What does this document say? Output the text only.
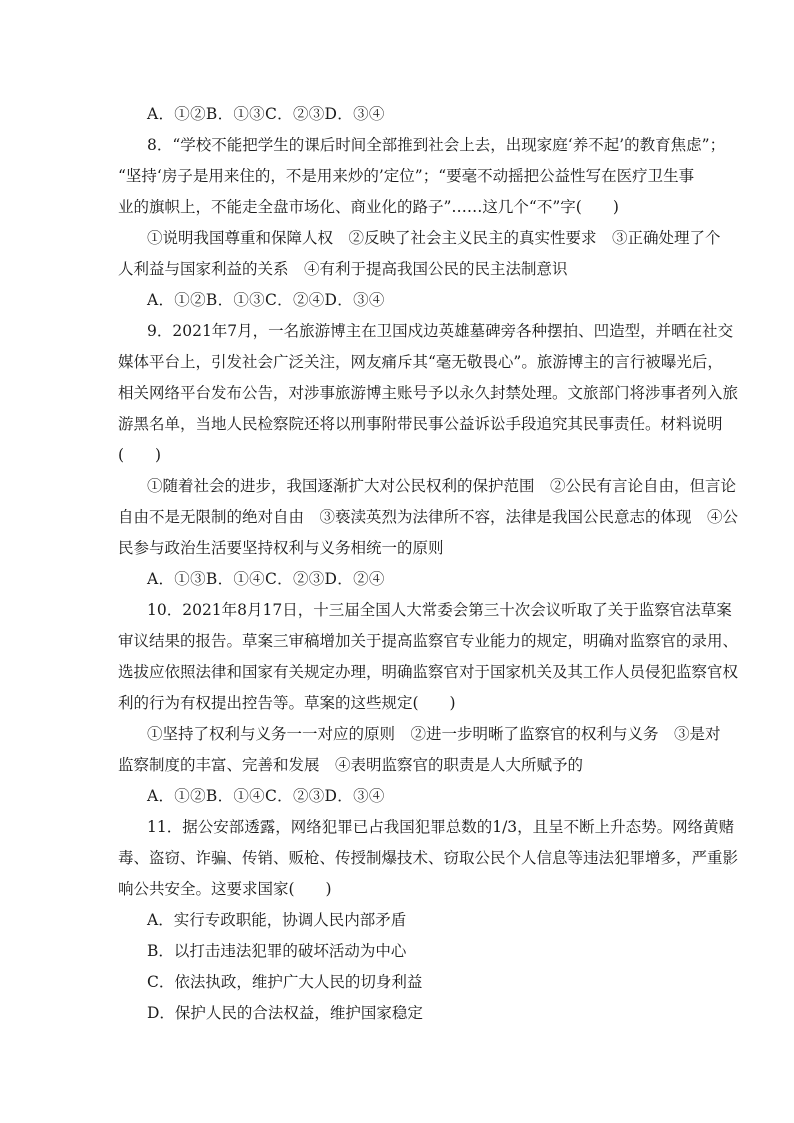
A．①②B．①③C．②③D．③④
8．“学校不能把学生的课后时间全部推到社会上去，出现家庭‘养不起’的教育焦虑”；
“坚持‘房子是用来住的，不是用来炒的’定位”；“要毫不动摇把公益性写在医疗卫生事
业的旗帜上，不能走全盘市场化、商业化的路子”……这几个“不”字(　　)
①说明我国尊重和保障人权　②反映了社会主义民主的真实性要求　③正确处理了个
人利益与国家利益的关系　④有利于提高我国公民的民主法制意识
A．①②B．①③C．②④D．③④
9．2021年7月，一名旅游博主在卫国戍边英雄墓碑旁各种摆拍、凹造型，并晒在社交
媒体平台上，引发社会广泛关注，网友痛斥其“毫无敬畏心”。旅游博主的言行被曝光后，
相关网络平台发布公告，对涉事旅游博主账号予以永久封禁处理。文旅部门将涉事者列入旅
游黑名单，当地人民检察院还将以刑事附带民事公益诉讼手段追究其民事责任。材料说明
(　　)
①随着社会的进步，我国逐渐扩大对公民权利的保护范围　②公民有言论自由，但言论
自由不是无限制的绝对自由　③亵渎英烈为法律所不容，法律是我国公民意志的体现　④公
民参与政治生活要坚持权利与义务相统一的原则
A．①③B．①④C．②③D．②④
10．2021年8月17日，十三届全国人大常委会第三十次会议听取了关于监察官法草案
审议结果的报告。草案三审稿增加关于提高监察官专业能力的规定，明确对监察官的录用、
选拔应依照法律和国家有关规定办理，明确监察官对于国家机关及其工作人员侵犯监察官权
利的行为有权提出控告等。草案的这些规定(　　)
①坚持了权利与义务一一对应的原则　②进一步明晰了监察官的权利与义务　③是对
监察制度的丰富、完善和发展　④表明监察官的职责是人大所赋予的
A．①②B．①④C．②③D．③④
11．据公安部透露，网络犯罪已占我国犯罪总数的1/3，且呈不断上升态势。网络黄赌
毒、盗窃、诈骗、传销、贩枪、传授制爆技术、窃取公民个人信息等违法犯罪增多，严重影
响公共安全。这要求国家(　　)
A．实行专政职能，协调人民内部矛盾
B．以打击违法犯罪的破坏活动为中心
C．依法执政，维护广大人民的切身利益
D．保护人民的合法权益，维护国家稳定
